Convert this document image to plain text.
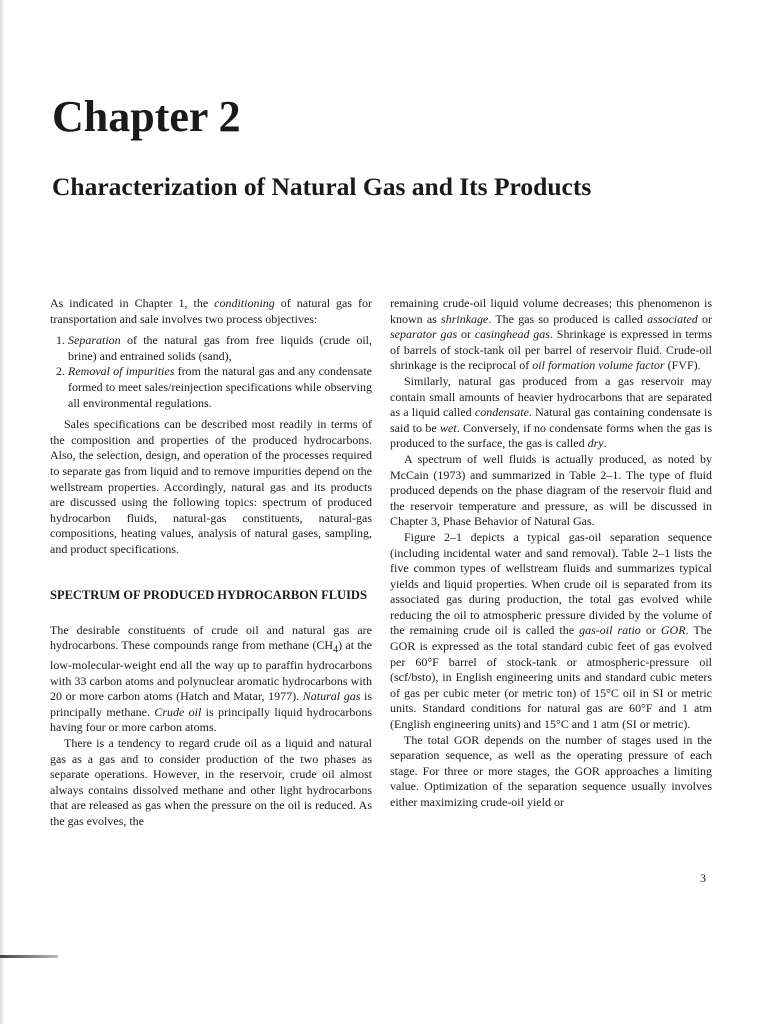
Chapter 2
Characterization of Natural Gas and Its Products

As indicated in Chapter 1, the conditioning of natural gas for transportation and sale involves two process objectives:

1. Separation of the natural gas from free liquids (crude oil, brine) and entrained solids (sand),
2. Removal of impurities from the natural gas and any condensate formed to meet sales/reinjection specifications while observing all environmental regulations.

Sales specifications can be described most readily in terms of the composition and properties of the produced hydrocarbons. Also, the selection, design, and operation of the processes required to separate gas from liquid and to remove impurities depend on the wellstream properties. Accordingly, natural gas and its products are discussed using the following topics: spectrum of produced hydrocarbon fluids, natural-gas constituents, natural-gas compositions, heating values, analysis of natural gases, sampling, and product specifications.

SPECTRUM OF PRODUCED HYDROCARBON FLUIDS

The desirable constituents of crude oil and natural gas are hydrocarbons. These compounds range from methane $(CH_4)$ at the low-molecular-weight end all the way up to paraffin hydrocarbons with 33 carbon atoms and polynuclear aromatic hydrocarbons with 20 or more carbon atoms (Hatch and Matar, 1977). Natural gas is principally methane. Crude oil is principally liquid hydrocarbons having four or more carbon atoms.

There is a tendency to regard crude oil as a liquid and natural gas as a gas and to consider production of the two phases as separate operations. However, in the reservoir, crude oil almost always contains dissolved methane and other light hydrocarbons that are released as gas when the pressure on the oil is reduced. As the gas evolves, the

remaining crude-oil liquid volume decreases; this phenomenon is known as shrinkage. The gas so produced is called associated or separator gas or casinghead gas. Shrinkage is expressed in terms of barrels of stock-tank oil per barrel of reservoir fluid. Crude-oil shrinkage is the reciprocal of oil formation volume factor (FVF).

Similarly, natural gas produced from a gas reservoir may contain small amounts of heavier hydrocarbons that are separated as a liquid called condensate. Natural gas containing condensate is said to be wet. Conversely, if no condensate forms when the gas is produced to the surface, the gas is called dry.

A spectrum of well fluids is actually produced, as noted by McCain (1973) and summarized in Table 2–1. The type of fluid produced depends on the phase diagram of the reservoir fluid and the reservoir temperature and pressure, as will be discussed in Chapter 3, Phase Behavior of Natural Gas.

Figure 2–1 depicts a typical gas-oil separation sequence (including incidental water and sand removal). Table 2–1 lists the five common types of wellstream fluids and summarizes typical yields and liquid properties. When crude oil is separated from its associated gas during production, the total gas evolved while reducing the oil to atmospheric pressure divided by the volume of the remaining crude oil is called the gas-oil ratio or GOR. The GOR is expressed as the total standard cubic feet of gas evolved per 60°F barrel of stock-tank or atmospheric-pressure oil (scf/bsto), in English engineering units and standard cubic meters of gas per cubic meter (or metric ton) of 15°C oil in SI or metric units. Standard conditions for natural gas are 60°F and 1 atm (English engineering units) and 15°C and 1 atm (SI or metric).

The total GOR depends on the number of stages used in the separation sequence, as well as the operating pressure of each stage. For three or more stages, the GOR approaches a limiting value. Optimization of the separation sequence usually involves either maximizing crude-oil yield or

3
